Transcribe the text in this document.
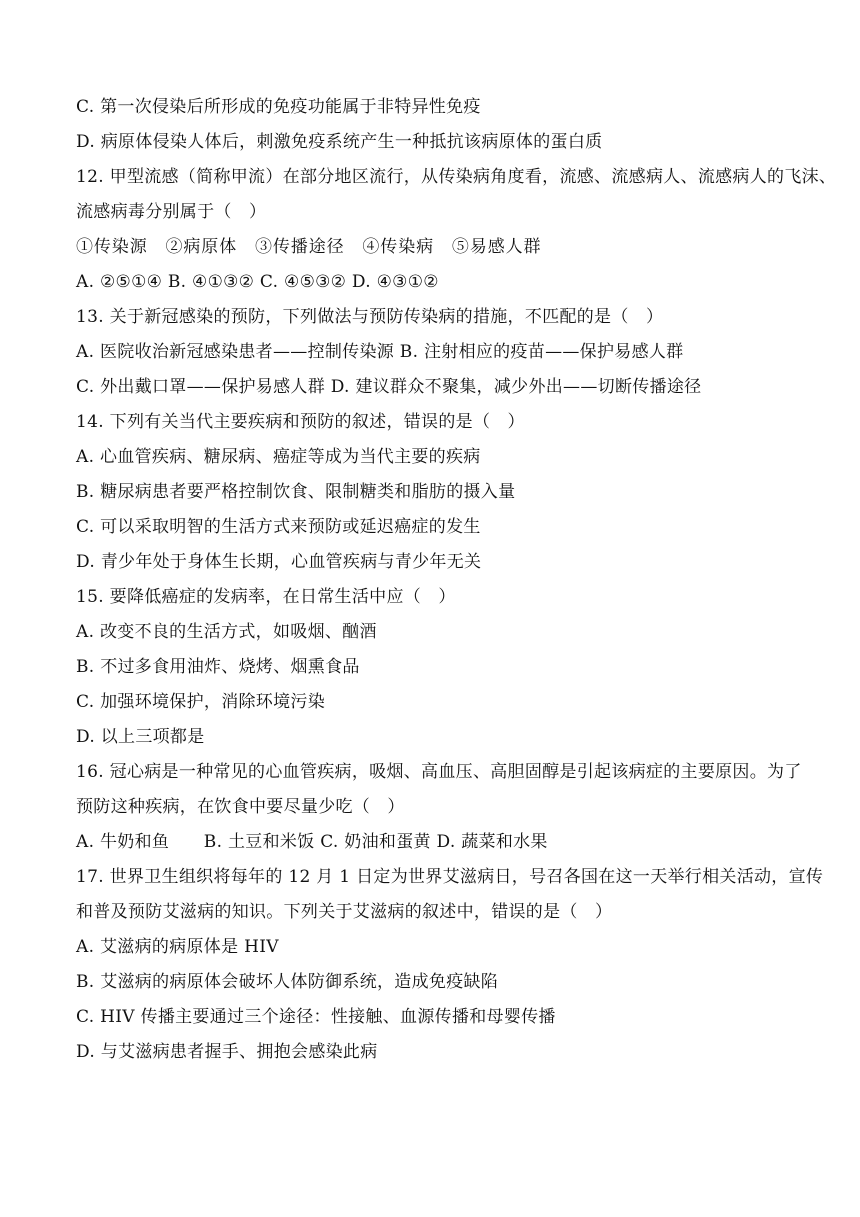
C. 第一次侵染后所形成的免疫功能属于非特异性免疫
D. 病原体侵染人体后，刺激免疫系统产生一种抵抗该病原体的蛋白质
12. 甲型流感（简称甲流）在部分地区流行，从传染病角度看，流感、流感病人、流感病人的飞沫、
流感病毒分别属于（　）
①传染源　②病原体　③传播途径　④传染病　⑤易感人群
A. ②⑤①④ B. ④①③② C. ④⑤③② D. ④③①②
13. 关于新冠感染的预防，下列做法与预防传染病的措施，不匹配的是（　）
A. 医院收治新冠感染患者——控制传染源 B. 注射相应的疫苗——保护易感人群
C. 外出戴口罩——保护易感人群 D. 建议群众不聚集，减少外出——切断传播途径
14. 下列有关当代主要疾病和预防的叙述，错误的是（　）
A. 心血管疾病、糖尿病、癌症等成为当代主要的疾病
B. 糖尿病患者要严格控制饮食、限制糖类和脂肪的摄入量
C. 可以采取明智的生活方式来预防或延迟癌症的发生
D. 青少年处于身体生长期，心血管疾病与青少年无关
15. 要降低癌症的发病率，在日常生活中应（　）
A. 改变不良的生活方式，如吸烟、酗酒
B. 不过多食用油炸、烧烤、烟熏食品
C. 加强环境保护，消除环境污染
D. 以上三项都是
16. 冠心病是一种常见的心血管疾病，吸烟、高血压、高胆固醇是引起该病症的主要原因。为了
预防这种疾病，在饮食中要尽量少吃（　）
A. 牛奶和鱼　　B. 土豆和米饭 C. 奶油和蛋黄 D. 蔬菜和水果
17. 世界卫生组织将每年的 12 月 1 日定为世界艾滋病日，号召各国在这一天举行相关活动，宣传
和普及预防艾滋病的知识。下列关于艾滋病的叙述中，错误的是（　）
A. 艾滋病的病原体是 HIV
B. 艾滋病的病原体会破坏人体防御系统，造成免疫缺陷
C. HIV 传播主要通过三个途径：性接触、血源传播和母婴传播
D. 与艾滋病患者握手、拥抱会感染此病
